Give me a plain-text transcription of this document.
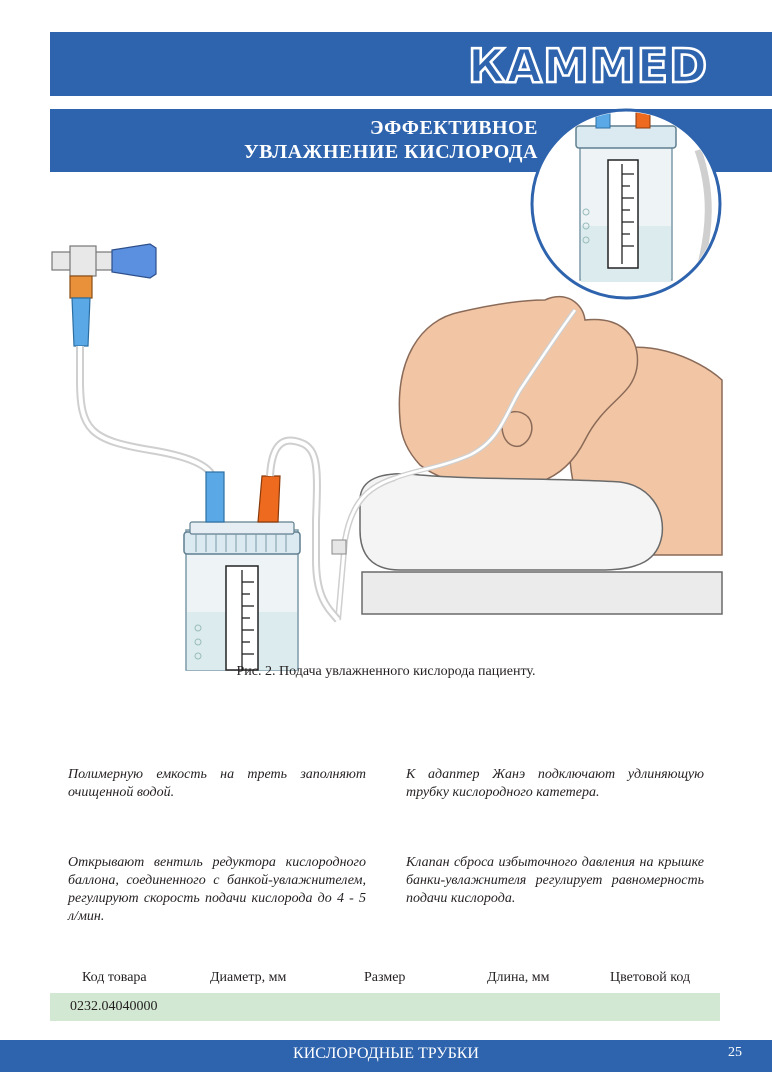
КАММЕD
ЭФФЕКТИВНОЕ
УВЛАЖНЕНИЕ КИСЛОРОДА
Рис. 2. Подача увлажненного кислорода пациенту.
Полимерную емкость на треть заполняют очищенной водой.
К адаптер Жанэ подключают удлиняющую трубку кислородного катетера.
Открывают вентиль редуктора кислородного баллона, соединенного с банкой-увлажнителем, регулируют скорость подачи кислорода до 4 - 5 л/мин.
Клапан сброса избыточного давления на крышке банки-увлажнителя регулирует равномерность подачи кислорода.
Код товара	Диаметр, мм	Размер	Длина, мм	Цветовой код
0232.04040000
КИСЛОРОДНЫЕ ТРУБКИ	25
